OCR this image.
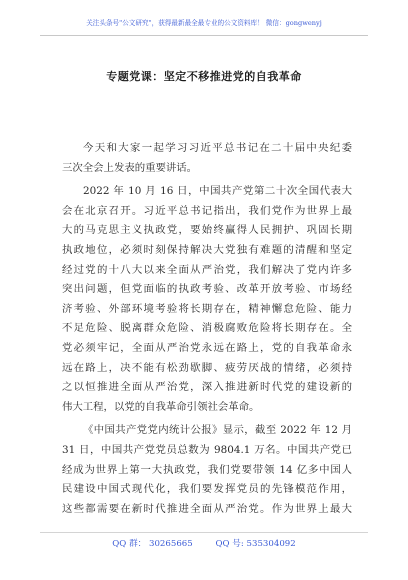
关注头条号"公文研究"，获得最新最全最专业的公文资料库！ 微信：gongwenyj
专题党课：坚定不移推进党的自我革命
今天和大家一起学习习近平总书记在二十届中央纪委
三次全会上发表的重要讲话。
2022 年 10 月 16 日，中国共产党第二十次全国代表大
会在北京召开。习近平总书记指出，我们党作为世界上最
大的马克思主义执政党，要始终赢得人民拥护、巩固长期
执政地位，必须时刻保持解决大党独有难题的清醒和坚定
经过党的十八大以来全面从严治党，我们解决了党内许多
突出问题，但党面临的执政考验、改革开放考验、市场经
济考验、外部环境考验将长期存在，精神懈怠危险、能力
不足危险、脱离群众危险、消极腐败危险将长期存在。全
党必须牢记，全面从严治党永远在路上，党的自我革命永
远在路上，决不能有松劲歇脚、疲劳厌战的情绪，必须持
之以恒推进全面从严治党，深入推进新时代党的建设新的
伟大工程，以党的自我革命引领社会革命。
《中国共产党党内统计公报》显示，截至 2022 年 12 月
31 日，中国共产党党员总数为 9804.1 万名。中国共产党已
经成为世界上第一大执政党，我们党要带领 14 亿多中国人
民建设中国式现代化，我们要发挥党员的先锋模范作用，
这些都需要在新时代推进全面从严治党。作为世界上最大
QQ 群： 30265665	QQ 号: 535304092
